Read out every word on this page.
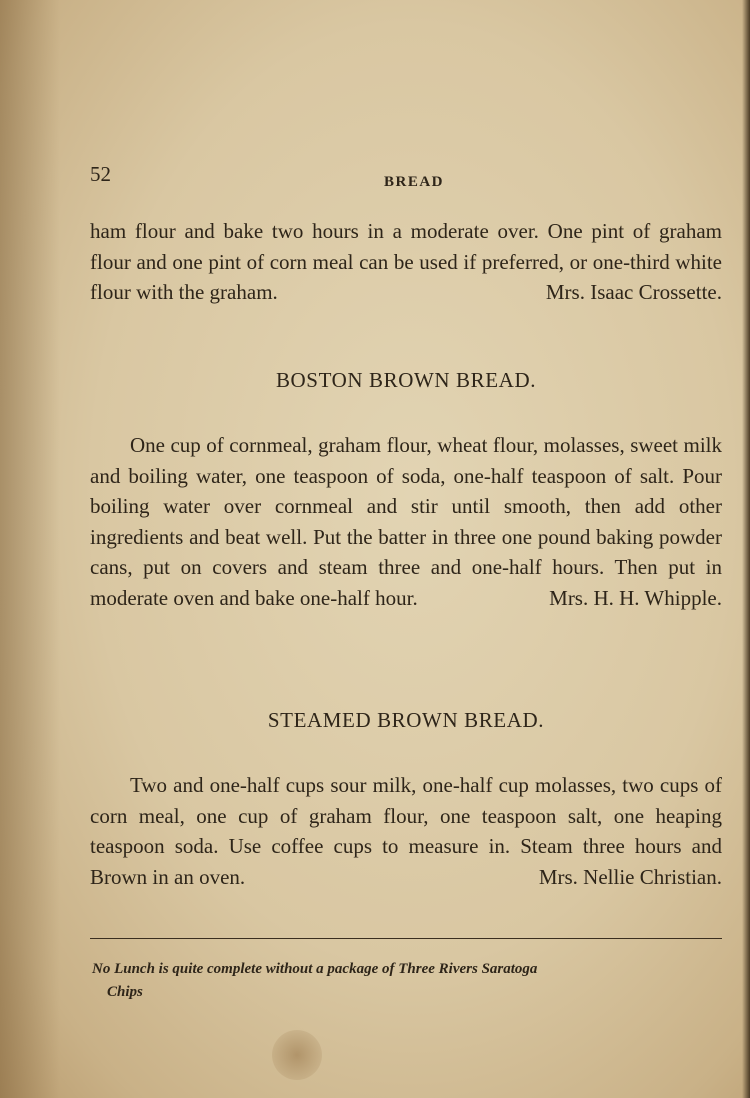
52	BREAD

ham flour and bake two hours in a moderate over. One pint of graham flour and one pint of corn meal can be used if preferred, or one-third white flour with the graham.	Mrs. Isaac Crossette.

BOSTON BROWN BREAD.

One cup of cornmeal, graham flour, wheat flour, molasses, sweet milk and boiling water, one teaspoon of soda, one-half teaspoon of salt. Pour boiling water over cornmeal and stir until smooth, then add other ingredients and beat well. Put the batter in three one pound baking powder cans, put on covers and steam three and one-half hours. Then put in moderate oven and bake one-half hour.	Mrs. H. H. Whipple.

STEAMED BROWN BREAD.

Two and one-half cups sour milk, one-half cup molasses, two cups of corn meal, one cup of graham flour, one teaspoon salt, one heaping teaspoon soda. Use coffee cups to measure in. Steam three hours and Brown in an oven.	Mrs. Nellie Christian.

No Lunch is quite complete without a package of Three Rivers Saratoga
Chips
